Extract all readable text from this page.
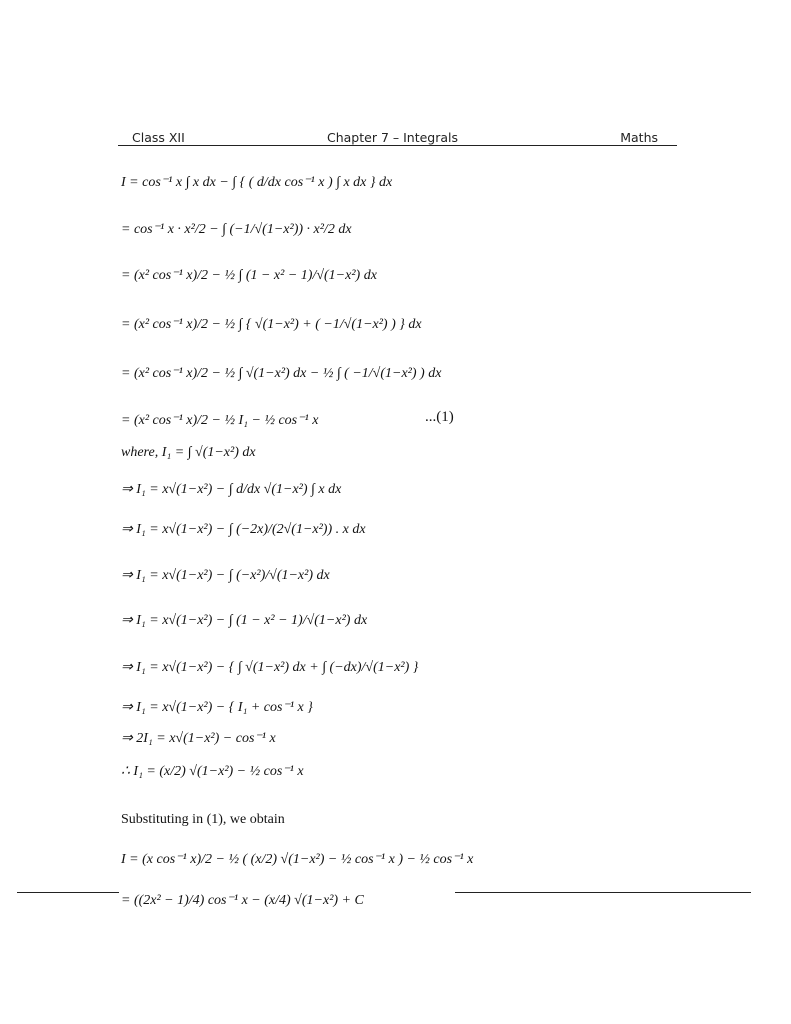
Class XII	Chapter 7 – Integrals	Maths
I = cos⁻¹ x ∫ x dx − ∫ { ( d/dx cos⁻¹ x ) ∫ x dx } dx
= cos⁻¹ x · x²/2 − ∫ (−1/√(1−x²)) · x²/2 dx
= (x² cos⁻¹ x)/2 − ½ ∫ (1 − x² − 1)/√(1−x²) dx
= (x² cos⁻¹ x)/2 − ½ ∫ { √(1−x²) + ( −1/√(1−x²) ) } dx
= (x² cos⁻¹ x)/2 − ½ ∫ √(1−x²) dx − ½ ∫ ( −1/√(1−x²) ) dx
= (x² cos⁻¹ x)/2 − ½ I₁ − ½ cos⁻¹ x	...(1)
where, I₁ = ∫ √(1−x²) dx
⇒ I₁ = x√(1−x²) − ∫ d/dx √(1−x²) ∫ x dx
⇒ I₁ = x√(1−x²) − ∫ (−2x)/(2√(1−x²)) . x dx
⇒ I₁ = x√(1−x²) − ∫ (−x²)/√(1−x²) dx
⇒ I₁ = x√(1−x²) − ∫ (1 − x² − 1)/√(1−x²) dx
⇒ I₁ = x√(1−x²) − { ∫ √(1−x²) dx + ∫ (−dx)/√(1−x²) }
⇒ I₁ = x√(1−x²) − { I₁ + cos⁻¹ x }
⇒ 2I₁ = x√(1−x²) − cos⁻¹ x
∴ I₁ = (x/2) √(1−x²) − ½ cos⁻¹ x
Substituting in (1), we obtain
I = (x cos⁻¹ x)/2 − ½ ( (x/2) √(1−x²) − ½ cos⁻¹ x ) − ½ cos⁻¹ x
= ((2x² − 1)/4) cos⁻¹ x − (x/4) √(1−x²) + C
